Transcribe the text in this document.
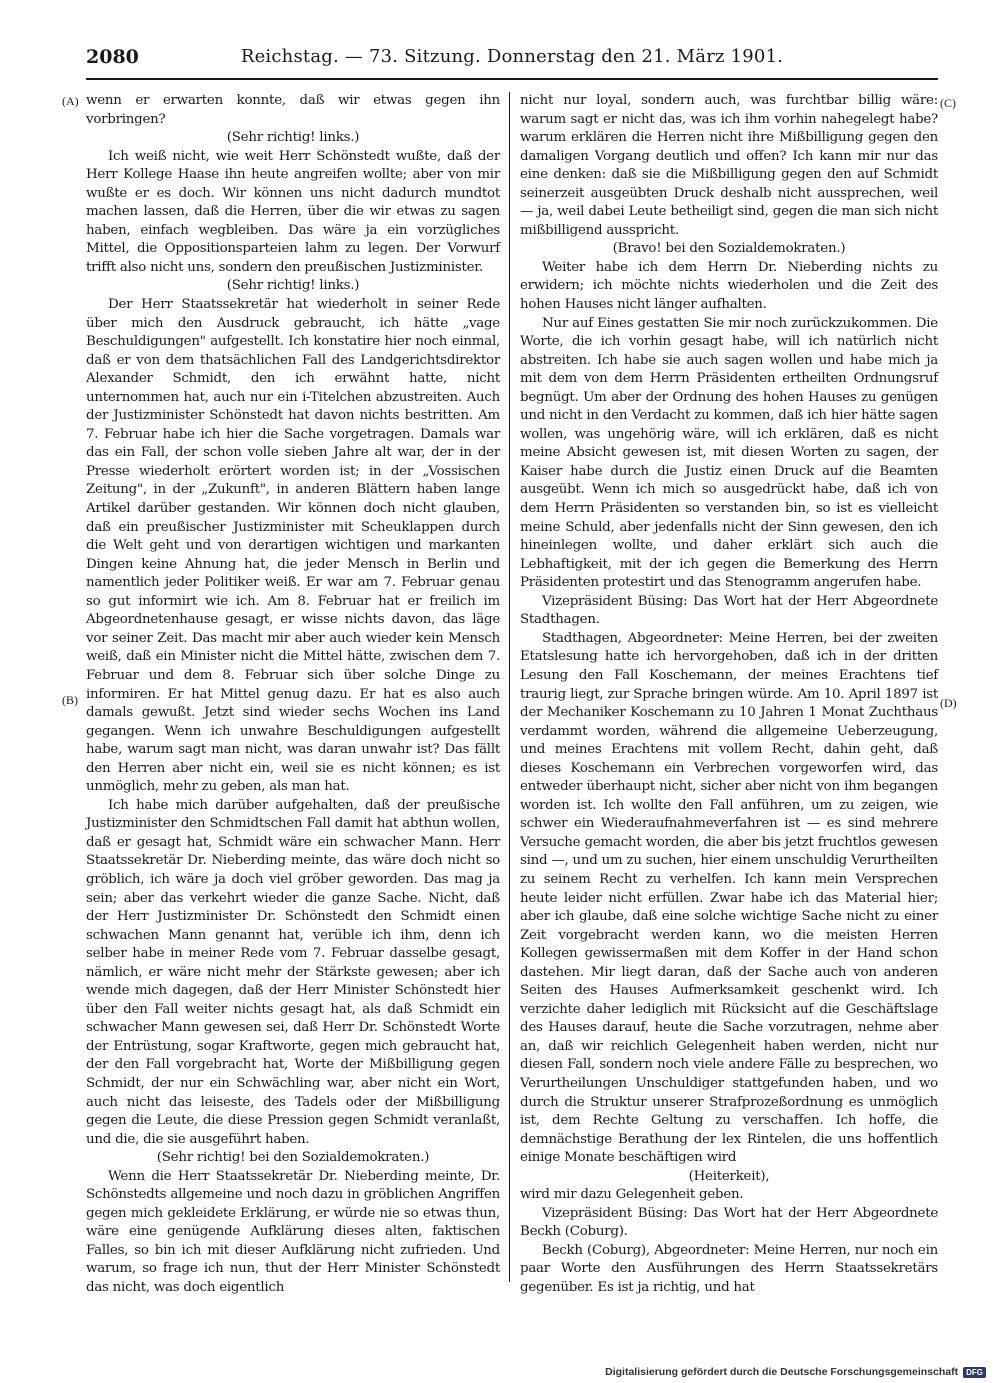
2080	Reichstag. — 73. Sitzung. Donnerstag den 21. März 1901.
(A)
(B)
(C)
(D)

wenn er erwarten konnte, daß wir etwas gegen ihn vorbringen?

(Sehr richtig! links.)

Ich weiß nicht, wie weit Herr Schönstedt wußte, daß der Herr Kollege Haase ihn heute angreifen wollte; aber von mir wußte er es doch. Wir können uns nicht dadurch mundtot machen lassen, daß die Herren, über die wir etwas zu sagen haben, einfach wegbleiben. Das wäre ja ein vorzügliches Mittel, die Oppositionsparteien lahm zu legen. Der Vorwurf trifft also nicht uns, sondern den preußischen Justizminister.

(Sehr richtig! links.)

Der Herr Staatssekretär hat wiederholt in seiner Rede über mich den Ausdruck gebraucht, ich hätte „vage Beschuldigungen" aufgestellt. Ich konstatire hier noch einmal, daß er von dem thatsächlichen Fall des Landgerichtsdirektor Alexander Schmidt, den ich erwähnt hatte, nicht unternommen hat, auch nur ein i-Titelchen abzustreiten. Auch der Justizminister Schönstedt hat davon nichts bestritten. Am 7. Februar habe ich hier die Sache vorgetragen. Damals war das ein Fall, der schon volle sieben Jahre alt war, der in der Presse wiederholt erörtert worden ist; in der „Vossischen Zeitung", in der „Zukunft", in anderen Blättern haben lange Artikel darüber gestanden. Wir können doch nicht glauben, daß ein preußischer Justizminister mit Scheuklappen durch die Welt geht und von derartigen wichtigen und markanten Dingen keine Ahnung hat, die jeder Mensch in Berlin und namentlich jeder Politiker weiß. Er war am 7. Februar genau so gut informirt wie ich. Am 8. Februar hat er freilich im Abgeordnetenhause gesagt, er wisse nichts davon, das läge vor seiner Zeit. Das macht mir aber auch wieder kein Mensch weiß, daß ein Minister nicht die Mittel hätte, zwischen dem 7. Februar und dem 8. Februar sich über solche Dinge zu informiren. Er hat Mittel genug dazu. Er hat es also auch damals gewußt. Jetzt sind wieder sechs Wochen ins Land gegangen. Wenn ich unwahre Beschuldigungen aufgestellt habe, warum sagt man nicht, was daran unwahr ist? Das fällt den Herren aber nicht ein, weil sie es nicht können; es ist unmöglich, mehr zu geben, als man hat.

Ich habe mich darüber aufgehalten, daß der preußische Justizminister den Schmidtschen Fall damit hat abthun wollen, daß er gesagt hat, Schmidt wäre ein schwacher Mann. Herr Staatssekretär Dr. Nieberding meinte, das wäre doch nicht so gröblich, ich wäre ja doch viel gröber geworden. Das mag ja sein; aber das verkehrt wieder die ganze Sache. Nicht, daß der Herr Justizminister Dr. Schönstedt den Schmidt einen schwachen Mann genannt hat, verüble ich ihm, denn ich selber habe in meiner Rede vom 7. Februar dasselbe gesagt, nämlich, er wäre nicht mehr der Stärkste gewesen; aber ich wende mich dagegen, daß der Herr Minister Schönstedt hier über den Fall weiter nichts gesagt hat, als daß Schmidt ein schwacher Mann gewesen sei, daß Herr Dr. Schönstedt Worte der Entrüstung, sogar Kraftworte, gegen mich gebraucht hat, der den Fall vorgebracht hat, Worte der Mißbilligung gegen Schmidt, der nur ein Schwächling war, aber nicht ein Wort, auch nicht das leiseste, des Tadels oder der Mißbilligung gegen die Leute, die diese Pression gegen Schmidt veranlaßt, und die, die sie ausgeführt haben.

(Sehr richtig! bei den Sozialdemokraten.)

Wenn die Herr Staatssekretär Dr. Nieberding meinte, Dr. Schönstedts allgemeine und noch dazu in gröblichen Angriffen gegen mich gekleidete Erklärung, er würde nie so etwas thun, wäre eine genügende Aufklärung dieses alten, faktischen Falles, so bin ich mit dieser Aufklärung nicht zufrieden. Und warum, so frage ich nun, thut der Herr Minister Schönstedt das nicht, was doch eigentlich

nicht nur loyal, sondern auch, was furchtbar billig wäre: warum sagt er nicht das, was ich ihm vorhin nahegelegt habe? warum erklären die Herren nicht ihre Mißbilligung gegen den damaligen Vorgang deutlich und offen? Ich kann mir nur das eine denken: daß sie die Mißbilligung gegen den auf Schmidt seinerzeit ausgeübten Druck deshalb nicht aussprechen, weil — ja, weil dabei Leute betheiligt sind, gegen die man sich nicht mißbilligend ausspricht.

(Bravo! bei den Sozialdemokraten.)

Weiter habe ich dem Herrn Dr. Nieberding nichts zu erwidern; ich möchte nichts wiederholen und die Zeit des hohen Hauses nicht länger aufhalten.

Nur auf Eines gestatten Sie mir noch zurückzukommen. Die Worte, die ich vorhin gesagt habe, will ich natürlich nicht abstreiten. Ich habe sie auch sagen wollen und habe mich ja mit dem von dem Herrn Präsidenten ertheilten Ordnungsruf begnügt. Um aber der Ordnung des hohen Hauses zu genügen und nicht in den Verdacht zu kommen, daß ich hier hätte sagen wollen, was ungehörig wäre, will ich erklären, daß es nicht meine Absicht gewesen ist, mit diesen Worten zu sagen, der Kaiser habe durch die Justiz einen Druck auf die Beamten ausgeübt. Wenn ich mich so ausgedrückt habe, daß ich von dem Herrn Präsidenten so verstanden bin, so ist es vielleicht meine Schuld, aber jedenfalls nicht der Sinn gewesen, den ich hineinlegen wollte, und daher erklärt sich auch die Lebhaftigkeit, mit der ich gegen die Bemerkung des Herrn Präsidenten protestirt und das Stenogramm angerufen habe.

Vizepräsident Büsing: Das Wort hat der Herr Abgeordnete Stadthagen.

Stadthagen, Abgeordneter: Meine Herren, bei der zweiten Etatslesung hatte ich hervorgehoben, daß ich in der dritten Lesung den Fall Koschemann, der meines Erachtens tief traurig liegt, zur Sprache bringen würde. Am 10. April 1897 ist der Mechaniker Koschemann zu 10 Jahren 1 Monat Zuchthaus verdammt worden, während die allgemeine Ueberzeugung, und meines Erachtens mit vollem Recht, dahin geht, daß dieses Koschemann ein Verbrechen vorgeworfen wird, das entweder überhaupt nicht, sicher aber nicht von ihm begangen worden ist. Ich wollte den Fall anführen, um zu zeigen, wie schwer ein Wiederaufnahmeverfahren ist — es sind mehrere Versuche gemacht worden, die aber bis jetzt fruchtlos gewesen sind —, und um zu suchen, hier einem unschuldig Verurtheilten zu seinem Recht zu verhelfen. Ich kann mein Versprechen heute leider nicht erfüllen. Zwar habe ich das Material hier; aber ich glaube, daß eine solche wichtige Sache nicht zu einer Zeit vorgebracht werden kann, wo die meisten Herren Kollegen gewissermaßen mit dem Koffer in der Hand schon dastehen. Mir liegt daran, daß der Sache auch von anderen Seiten des Hauses Aufmerksamkeit geschenkt wird. Ich verzichte daher lediglich mit Rücksicht auf die Geschäftslage des Hauses darauf, heute die Sache vorzutragen, nehme aber an, daß wir reichlich Gelegenheit haben werden, nicht nur diesen Fall, sondern noch viele andere Fälle zu besprechen, wo Verurtheilungen Unschuldiger stattgefunden haben, und wo durch die Struktur unserer Strafprozeßordnung es unmöglich ist, dem Rechte Geltung zu verschaffen. Ich hoffe, die demnächstige Berathung der lex Rintelen, die uns hoffentlich einige Monate beschäftigen wird

(Heiterkeit),

wird mir dazu Gelegenheit geben.

Vizepräsident Büsing: Das Wort hat der Herr Abgeordnete Beckh (Coburg).

Beckh (Coburg), Abgeordneter: Meine Herren, nur noch ein paar Worte den Ausführungen des Herrn Staatssekretärs gegenüber. Es ist ja richtig, und hat

Digitalisierung gefördert durch die Deutsche Forschungsgemeinschaft	DFG
